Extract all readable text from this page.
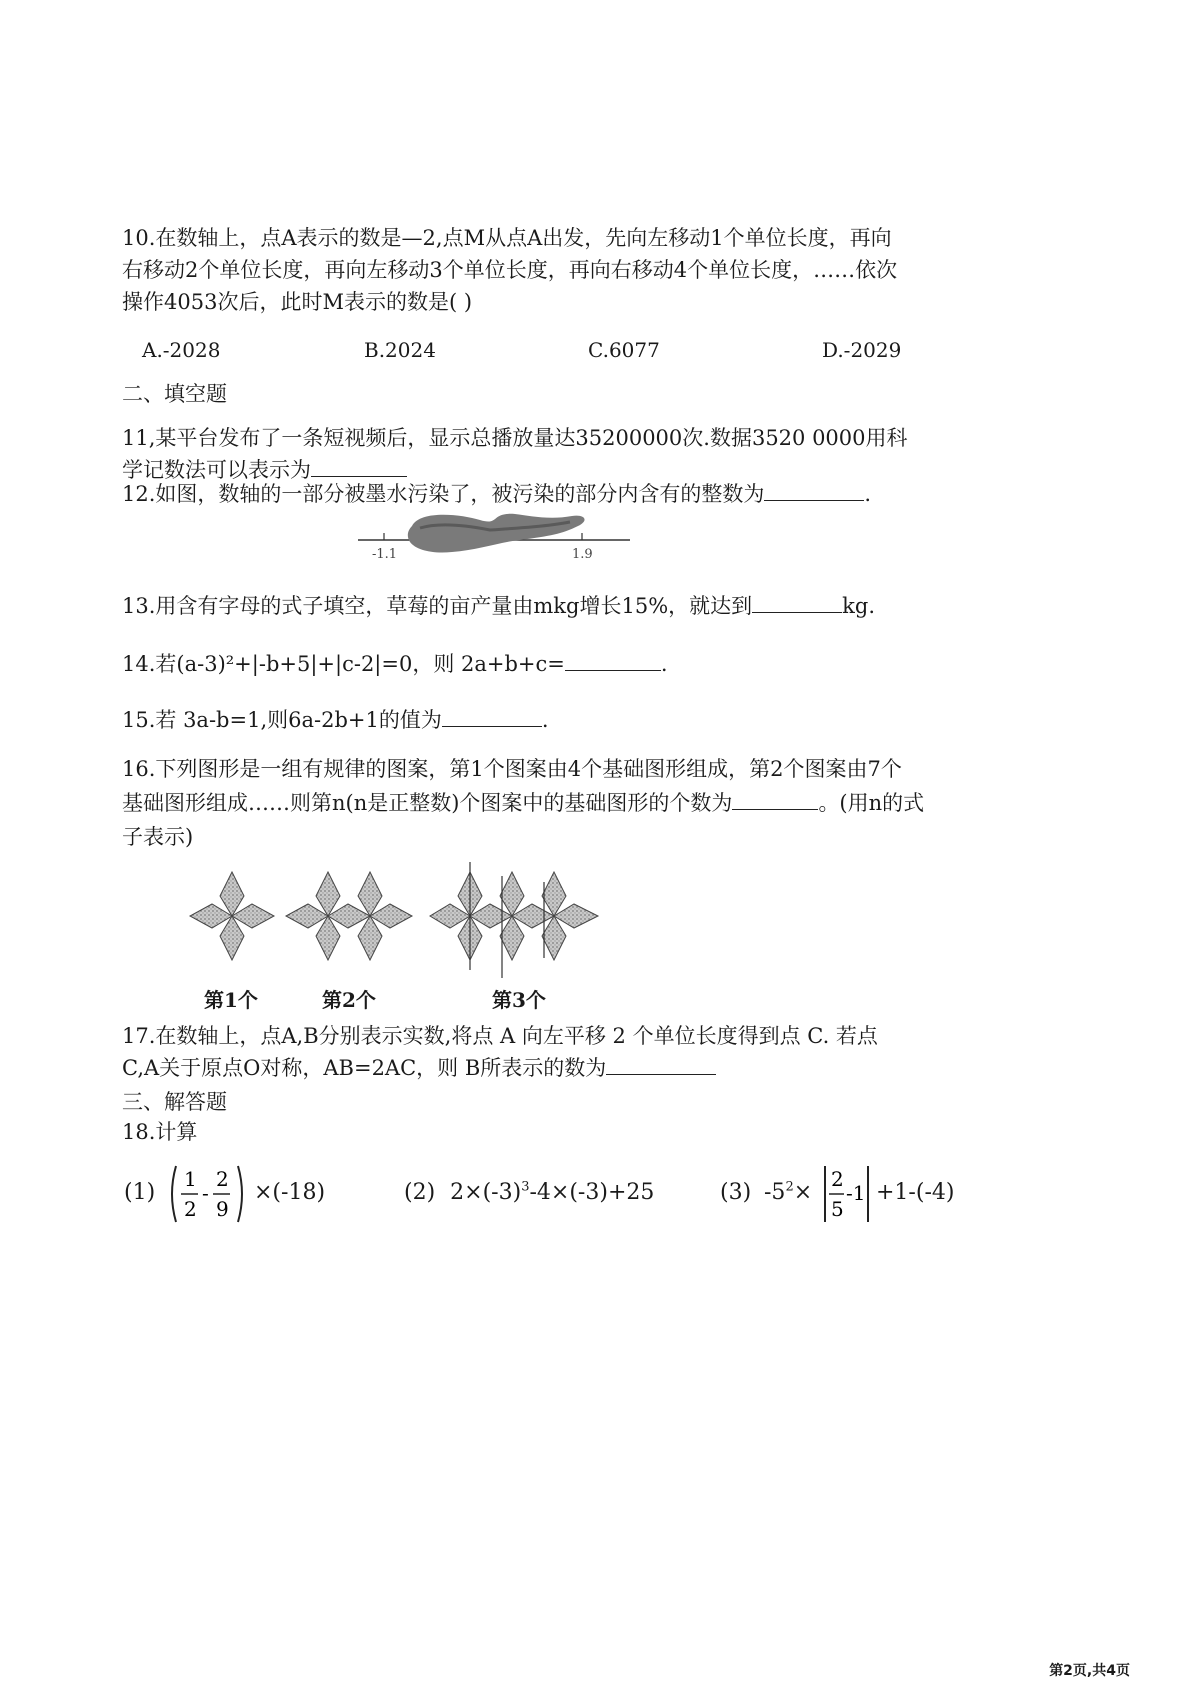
10.在数轴上，点A表示的数是—2,点M从点A出发，先向左移动1个单位长度，再向
右移动2个单位长度，再向左移动3个单位长度，再向右移动4个单位长度，……依次
操作4053次后，此时M表示的数是( )
A.-2028	B.2024	C.6077	D.-2029
二、填空题
11,某平台发布了一条短视频后，显示总播放量达35200000次.数据3520 0000用科
学记数法可以表示为
12.如图，数轴的一部分被墨水污染了，被污染的部分内含有的整数为	.
-1.1	1.9
13.用含有字母的式子填空，草莓的亩产量由mkg增长15%，就达到	kg.
14.若(a-3)²+|-b+5|+|c-2|=0，则 2a+b+c=	.
15.若 3a-b=1,则6a-2b+1的值为	.
16.下列图形是一组有规律的图案，第1个图案由4个基础图形组成，第2个图案由7个
基础图形组成……则第n(n是正整数)个图案中的基础图形的个数为	。(用n的式
子表示)
第1个	第2个	第3个
17.在数轴上，点A,B分别表示实数,将点 A 向左平移 2 个单位长度得到点 C. 若点
C,A关于原点O对称，AB=2AC，则 B所表示的数为
三、解答题
18.计算
(1)
1
2
-
2
9
×(-18)	(2) $2\times(-3)^3-4\times(-3)+25$	(3) $-5^2\times$
2
5
-1 +1-(-4)
第2页,共4页
